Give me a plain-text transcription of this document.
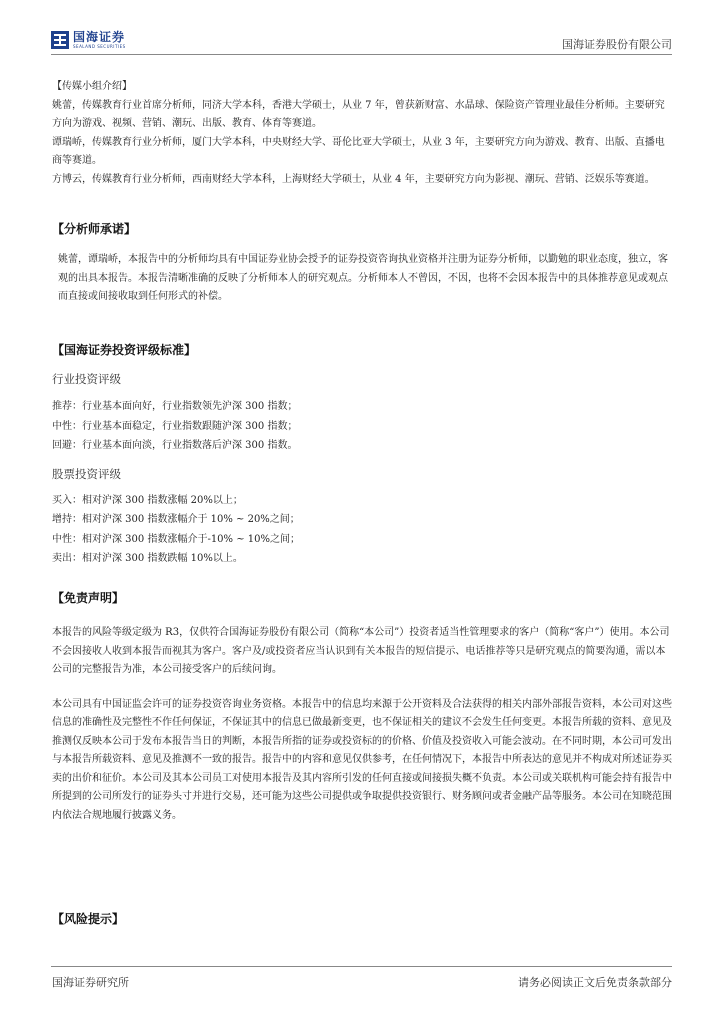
国海证券
SEALAND SECURITIES	国海证券股份有限公司
【传媒小组介绍】

姚蕾，传媒教育行业首席分析师，同济大学本科，香港大学硕士，从业 7 年，曾获新财富、水晶球、保险资产管理业最佳分析师。主要研究方向为游戏、视频、营销、潮玩、出版、教育、体育等赛道。

谭瑞峤，传媒教育行业分析师，厦门大学本科，中央财经大学、哥伦比亚大学硕士，从业 3 年，主要研究方向为游戏、教育、出版、直播电商等赛道。

方博云，传媒教育行业分析师，西南财经大学本科，上海财经大学硕士，从业 4 年，主要研究方向为影视、潮玩、营销、泛娱乐等赛道。

【分析师承诺】
姚蕾，谭瑞峤，本报告中的分析师均具有中国证券业协会授予的证券投资咨询执业资格并注册为证券分析师，以勤勉的职业态度，独立，客观的出具本报告。本报告清晰准确的反映了分析师本人的研究观点。分析师本人不曾因，不因，也将不会因本报告中的具体推荐意见或观点而直接或间接收取到任何形式的补偿。
【国海证券投资评级标准】
行业投资评级

推荐：行业基本面向好，行业指数领先沪深 300 指数；

中性：行业基本面稳定，行业指数跟随沪深 300 指数；

回避：行业基本面向淡，行业指数落后沪深 300 指数。

股票投资评级

买入：相对沪深 300 指数涨幅 20%以上；

增持：相对沪深 300 指数涨幅介于 10% ~ 20%之间；

中性：相对沪深 300 指数涨幅介于-10% ~ 10%之间；

卖出：相对沪深 300 指数跌幅 10%以上。

【免责声明】
本报告的风险等级定级为 R3，仅供符合国海证券股份有限公司（简称“本公司”）投资者适当性管理要求的客户（简称“客户”）使用。本公司不会因接收人收到本报告而视其为客户。客户及/或投资者应当认识到有关本报告的短信提示、电话推荐等只是研究观点的简要沟通，需以本公司的完整报告为准，本公司接受客户的后续问询。
本公司具有中国证监会许可的证券投资咨询业务资格。本报告中的信息均来源于公开资料及合法获得的相关内部外部报告资料，本公司对这些信息的准确性及完整性不作任何保证，不保证其中的信息已做最新变更，也不保证相关的建议不会发生任何变更。本报告所载的资料、意见及推测仅反映本公司于发布本报告当日的判断，本报告所指的证券或投资标的的价格、价值及投资收入可能会波动。在不同时期，本公司可发出与本报告所载资料、意见及推测不一致的报告。报告中的内容和意见仅供参考，在任何情况下，本报告中所表达的意见并不构成对所述证券买卖的出价和征价。本公司及其本公司员工对使用本报告及其内容所引发的任何直接或间接损失概不负责。本公司或关联机构可能会持有报告中所提到的公司所发行的证券头寸并进行交易，还可能为这些公司提供或争取提供投资银行、财务顾问或者金融产品等服务。本公司在知晓范围内依法合规地履行披露义务。
【风险提示】
国海证券研究所	请务必阅读正文后免责条款部分
